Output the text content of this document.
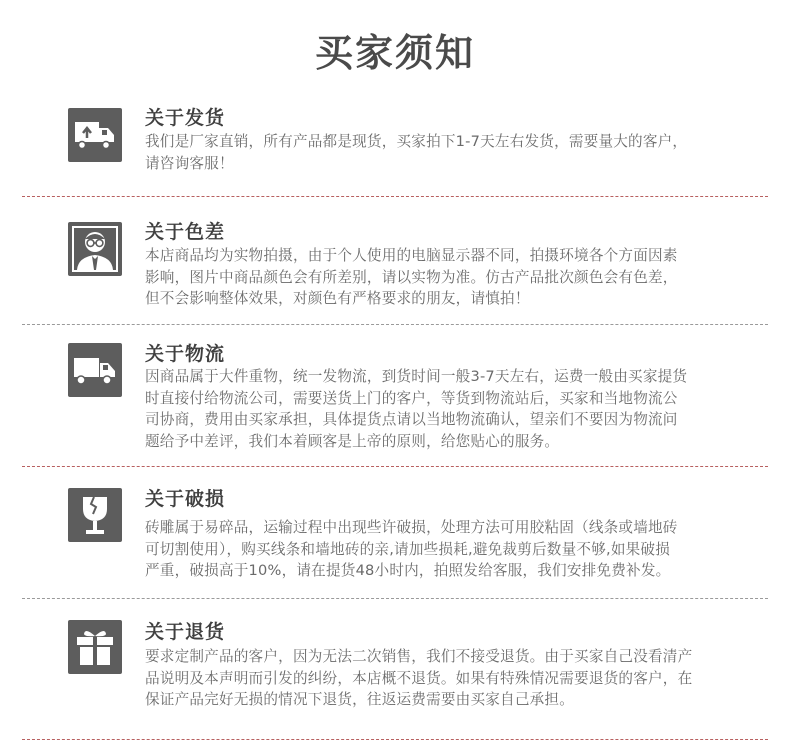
买家须知
关于发货
我们是厂家直销，所有产品都是现货，买家拍下1-7天左右发货，需要量大的客户，
请咨询客服！
关于色差
本店商品均为实物拍摄，由于个人使用的电脑显示器不同，拍摄环境各个方面因素
影响，图片中商品颜色会有所差别，请以实物为准。仿古产品批次颜色会有色差，
但不会影响整体效果，对颜色有严格要求的朋友，请慎拍！
关于物流
因商品属于大件重物，统一发物流，到货时间一般3-7天左右，运费一般由买家提货
时直接付给物流公司，需要送货上门的客户，等货到物流站后，买家和当地物流公
司协商，费用由买家承担，具体提货点请以当地物流确认，望亲们不要因为物流问
题给予中差评，我们本着顾客是上帝的原则，给您贴心的服务。
关于破损
砖雕属于易碎品，运输过程中出现些许破损，处理方法可用胶粘固（线条或墙地砖
可切割使用），购买线条和墙地砖的亲,请加些损耗,避免裁剪后数量不够,如果破损
严重，破损高于10%，请在提货48小时内，拍照发给客服，我们安排免费补发。
关于退货
要求定制产品的客户，因为无法二次销售，我们不接受退货。由于买家自己没看清产
品说明及本声明而引发的纠纷，本店概不退货。如果有特殊情况需要退货的客户，在
保证产品完好无损的情况下退货，往返运费需要由买家自己承担。
